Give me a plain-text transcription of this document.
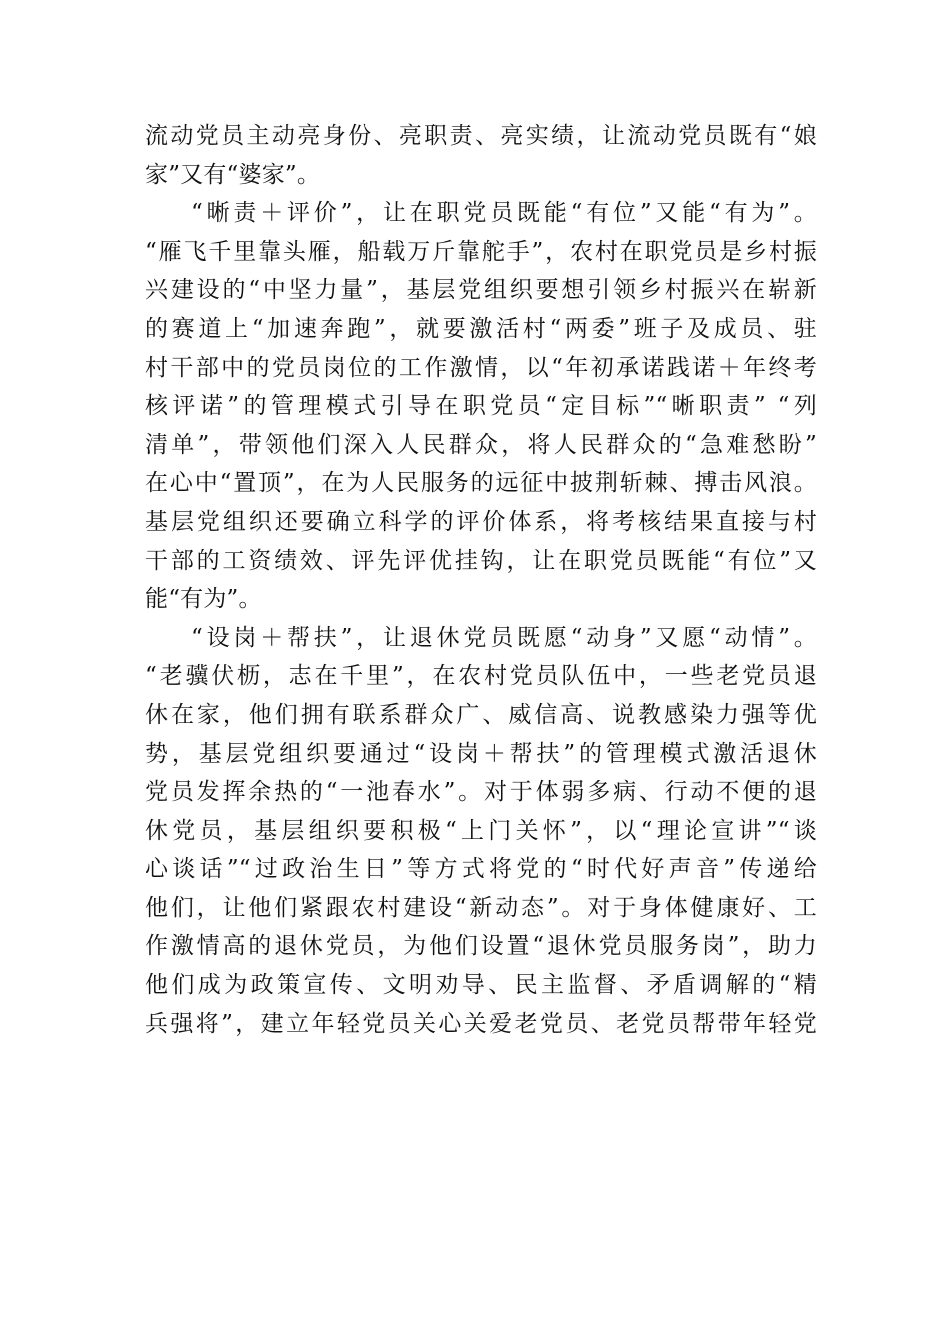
流动党员主动亮身份、亮职责、亮实绩，让流动党员既有“娘
家”又有“婆家”。
“晰责＋评价”，让在职党员既能“有位”又能“有为”。
“雁飞千里靠头雁，船载万斤靠舵手”，农村在职党员是乡村振
兴建设的“中坚力量”，基层党组织要想引领乡村振兴在崭新
的赛道上“加速奔跑”，就要激活村“两委”班子及成员、驻
村干部中的党员岗位的工作激情，以“年初承诺践诺＋年终考
核评诺”的管理模式引导在职党员“定目标”“晰职责” “列
清单”，带领他们深入人民群众，将人民群众的“急难愁盼”
在心中“置顶”，在为人民服务的远征中披荆斩棘、搏击风浪。
基层党组织还要确立科学的评价体系，将考核结果直接与村
干部的工资绩效、评先评优挂钩，让在职党员既能“有位”又
能“有为”。
“设岗＋帮扶”，让退休党员既愿“动身”又愿“动情”。
“老骥伏枥，志在千里”，在农村党员队伍中，一些老党员退
休在家，他们拥有联系群众广、威信高、说教感染力强等优
势，基层党组织要通过“设岗＋帮扶”的管理模式激活退休
党员发挥余热的“一池春水”。对于体弱多病、行动不便的退
休党员，基层组织要积极“上门关怀”，以“理论宣讲”“谈
心谈话”“过政治生日”等方式将党的“时代好声音”传递给
他们，让他们紧跟农村建设“新动态”。对于身体健康好、工
作激情高的退休党员，为他们设置“退休党员服务岗”，助力
他们成为政策宣传、文明劝导、民主监督、矛盾调解的“精
兵强将”，建立年轻党员关心关爱老党员、老党员帮带年轻党
